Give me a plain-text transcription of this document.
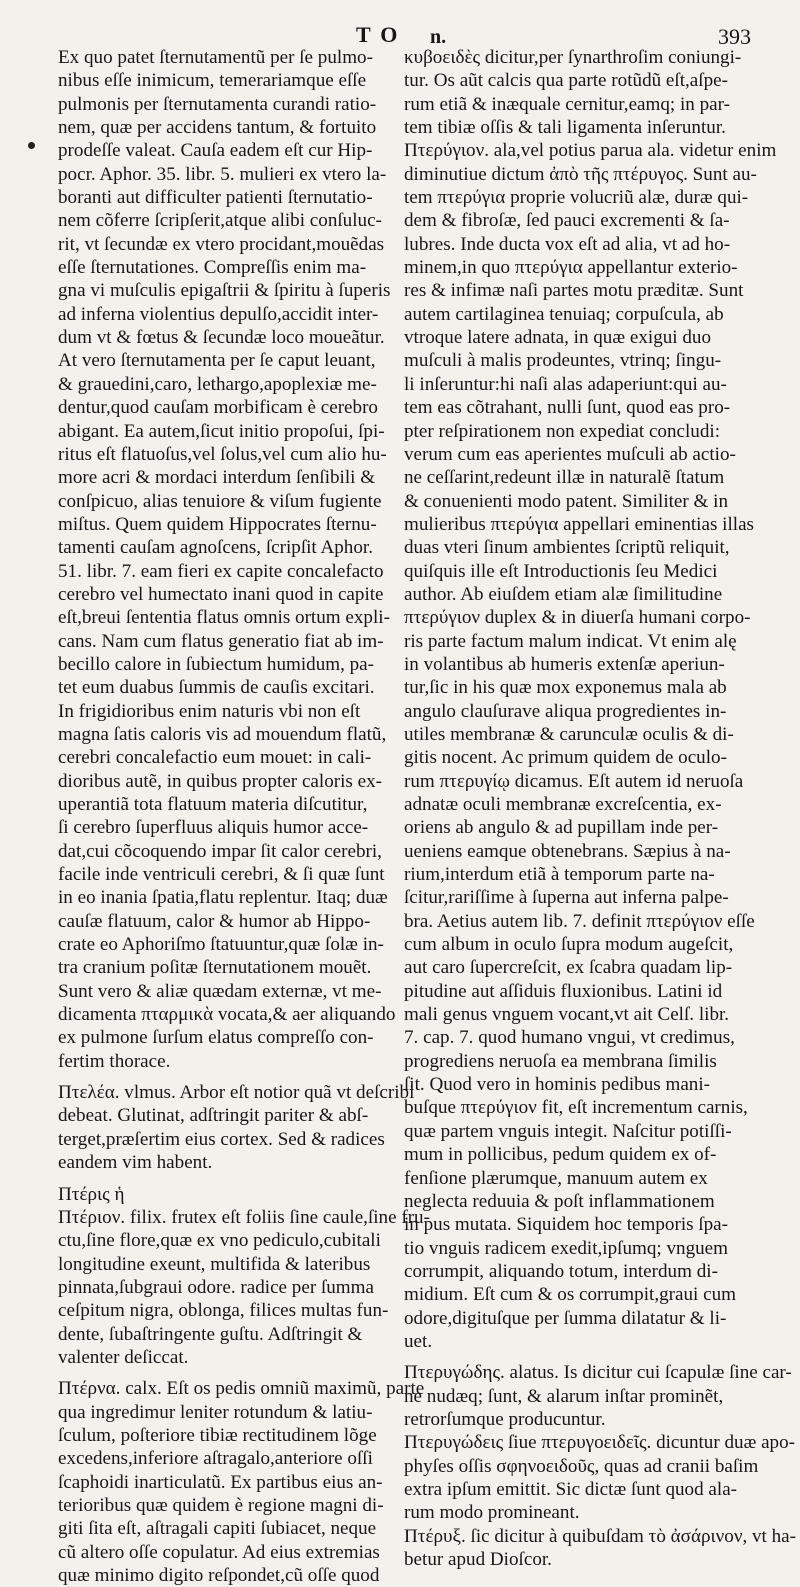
TO n.	393
Ex quo patet ſternutamentũ per ſe pulmo-
nibus eſſe inimicum, temerariamque eſſe
pulmonis per ſternutamenta curandi ratio-
nem, quæ per accidens tantum, & fortuito
prodeſſe valeat. Cauſa eadem eſt cur Hip-
pocr. Aphor. 35. libr. 5. mulieri ex vtero la-
boranti aut difficulter patienti ſternutatio-
nem cõferre ſcripſerit,atque alibi conſuluc-
rit, vt ſecundæ ex vtero procidant,mouẽdas
eſſe ſternutationes. Compreſſis enim ma-
gna vi muſculis epigaſtrii & ſpiritu à ſuperis
ad inferna violentius depulſo,accidit inter-
dum vt & fœtus & ſecundæ loco moueãtur.
At vero ſternutamenta per ſe caput leuant,
& grauedini,caro, lethargo,apoplexiæ me-
dentur,quod cauſam morbificam è cerebro
abigant. Ea autem,ſicut initio propoſui, ſpi-
ritus eſt flatuoſus,vel ſolus,vel cum alio hu-
more acri & mordaci interdum ſenſibili &
conſpicuo, alias tenuiore & viſum fugiente
miſtus. Quem quidem Hippocrates ſternu-
tamenti cauſam agnoſcens, ſcripſit Aphor.
51. libr. 7. eam fieri ex capite concalefacto
cerebro vel humectato inani quod in capite
eſt,breui ſententia flatus omnis ortum expli-
cans. Nam cum flatus generatio fiat ab im-
becillo calore in ſubiectum humidum, pa-
tet eum duabus ſummis de cauſis excitari.
In frigidioribus enim naturis vbi non eſt
magna ſatis caloris vis ad mouendum flatũ,
cerebri concalefactio eum mouet: in cali-
dioribus autẽ, in quibus propter caloris ex-
uperantiã tota flatuum materia diſcutitur,
ſi cerebro ſuperfluus aliquis humor acce-
dat,cui cõcoquendo impar ſit calor cerebri,
facile inde ventriculi cerebri, & ſi quæ ſunt
in eo inania ſpatia,flatu replentur. Itaq; duæ
cauſæ flatuum, calor & humor ab Hippo-
crate eo Aphoriſmo ſtatuuntur,quæ ſolæ in-
tra cranium poſitæ ſternutationem mouẽt.
Sunt vero & aliæ quædam externæ, vt me-
dicamenta πταρμικὰ vocata,& aer aliquando
ex pulmone ſurſum elatus compreſſo con-
fertim thorace.
Πτελέα. vlmus. Arbor eſt notior quã vt deſcribi
debeat. Glutinat, adſtringit pariter & abſ-
terget,præſertim eius cortex. Sed & radices
eandem vim habent.
Πτέρις ἡ
Πτέριον. filix. frutex eſt foliis ſine caule,ſine fru-
ctu,ſine flore,quæ ex vno pediculo,cubitali
longitudine exeunt, multifida & lateribus
pinnata,ſubgraui odore. radice per ſumma
ceſpitum nigra, oblonga, filices multas fun-
dente, ſubaſtringente guſtu. Adſtringit &
valenter deſiccat.
Πτέρνα. calx. Eſt os pedis omniũ maximũ, parte
qua ingredimur leniter rotundum & latiu-
ſculum, poſteriore tibiæ rectitudinem lõge
excedens,inferiore aſtragalo,anteriore oſſi
ſcaphoidi inarticulatũ. Ex partibus eius an-
terioribus quæ quidem è regione magni di-
giti ſita eſt, aſtragali capiti ſubiacet, neque
cũ altero oſſe copulatur. Ad eius extremias
quæ minimo digito reſpondet,cũ oſſe quod
κυβοειδὲς dicitur,per ſynarthroſim coniungi-
tur. Os aũt calcis qua parte rotũdũ eſt,aſpe-
rum etiã & inæquale cernitur,eamq; in par-
tem tibiæ oſſis & tali ligamenta inſeruntur.
Πτερύγιον. ala,vel potius parua ala. videtur enim
diminutiue dictum ἀπὸ τῆς πτέρυγος. Sunt au-
tem πτερύγια proprie volucriũ alæ, duræ qui-
dem & fibroſæ, ſed pauci excrementi & ſa-
lubres. Inde ducta vox eſt ad alia, vt ad ho-
minem,in quo πτερύγια appellantur exterio-
res & infimæ naſi partes motu præditæ. Sunt
autem cartilaginea tenuiaq; corpuſcula, ab
vtroque latere adnata, in quæ exigui duo
muſculi à malis prodeuntes, vtrinq; ſingu-
li inſeruntur:hi naſi alas adaperiunt:qui au-
tem eas cõtrahant, nulli ſunt, quod eas pro-
pter reſpirationem non expediat concludi:
verum cum eas aperientes muſculi ab actio-
ne ceſſarint,redeunt illæ in naturalẽ ſtatum
& conuenienti modo patent. Similiter & in
mulieribus πτερύγια appellari eminentias illas
duas vteri ſinum ambientes ſcriptũ reliquit,
quiſquis ille eſt Introductionis ſeu Medici
author. Ab eiuſdem etiam alæ ſimilitudine
πτερύγιον duplex & in diuerſa humani corpo-
ris parte factum malum indicat. Vt enim alę
in volantibus ab humeris extenſæ aperiun-
tur,ſic in his quæ mox exponemus mala ab
angulo clauſurave aliqua progredientes in-
utiles membranæ & carunculæ oculis & di-
gitis nocent. Ac primum quidem de oculo-
rum πτερυγίῳ dicamus. Eſt autem id neruoſa
adnatæ oculi membranæ excreſcentia, ex-
oriens ab angulo & ad pupillam inde per-
ueniens eamque obtenebrans. Sæpius à na-
rium,interdum etiã à temporum parte na-
ſcitur,rariſſime à ſuperna aut inferna palpe-
bra. Aetius autem lib. 7. definit πτερύγιον eſſe
cum album in oculo ſupra modum augeſcit,
aut caro ſupercreſcit, ex ſcabra quadam lip-
pitudine aut aſſiduis fluxionibus. Latini id
mali genus vnguem vocant,vt ait Celſ. libr.
7. cap. 7. quod humano vngui, vt credimus,
progrediens neruoſa ea membrana ſimilis
ſit. Quod vero in hominis pedibus mani-
buſque πτερύγιον fit, eſt incrementum carnis,
quæ partem vnguis integit. Naſcitur potiſſi-
mum in pollicibus, pedum quidem ex of-
fenſione plærumque, manuum autem ex
neglecta reduuia & poſt inflammationem
in pus mutata. Siquidem hoc temporis ſpa-
tio vnguis radicem exedit,ipſumq; vnguem
corrumpit, aliquando totum, interdum di-
midium. Eſt cum & os corrumpit,graui cum
odore,digituſque per ſumma dilatatur & li-
uet.
Πτερυγώδης. alatus. Is dicitur cui ſcapulæ ſine car-
ne nudæq; ſunt, & alarum inſtar prominẽt,
retrorſumque producuntur.
Πτερυγώδεις ſiue πτερυγοειδεῖς. dicuntur duæ apo-
phyſes oſſis σφηνοειδοῦς, quas ad cranii baſim
extra ipſum emittit. Sic dictæ ſunt quod ala-
rum modo promineant.
Πτέρυξ. ſic dicitur à quibuſdam τὸ ἀσάρινον, vt ha-
betur apud Dioſcor.
